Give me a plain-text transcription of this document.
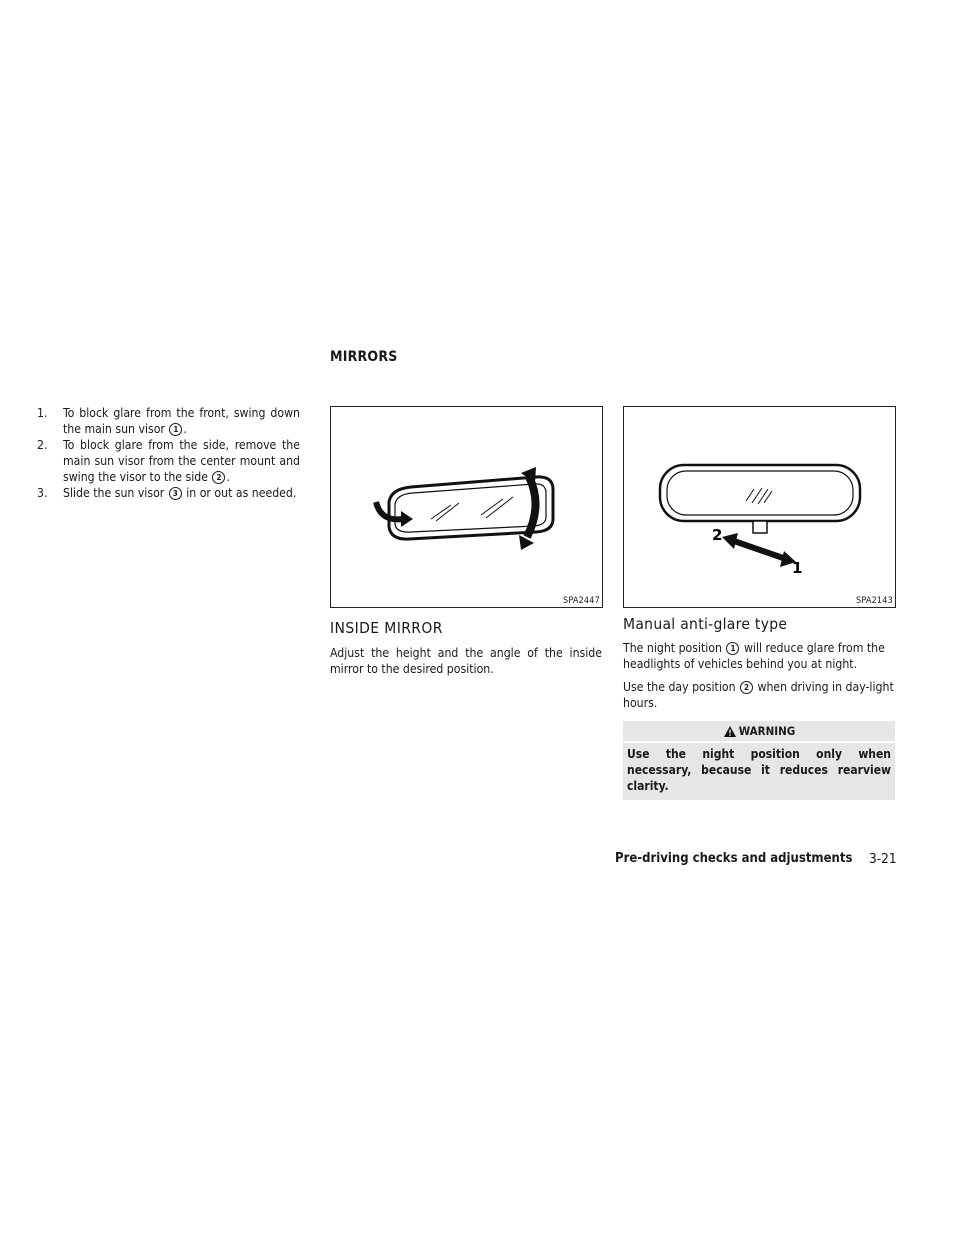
MIRRORS
1. To block glare from the front, swing down the main sun visor 1 .
2. To block glare from the side, remove the main sun visor from the center mount and swing the visor to the side 2 .
3. Slide the sun visor 3 in or out as needed.
SPA2447
2
1
SPA2143
INSIDE MIRROR

Adjust the height and the angle of the inside mirror to the desired position.

Manual anti-glare type

The night position 1 will reduce glare from the headlights of vehicles behind you at night.

Use the day position 2 when driving in day-light hours.

WARNING
Use the night position only when necessary, because it reduces rearview clarity.
Pre-driving checks and adjustments 3-21
